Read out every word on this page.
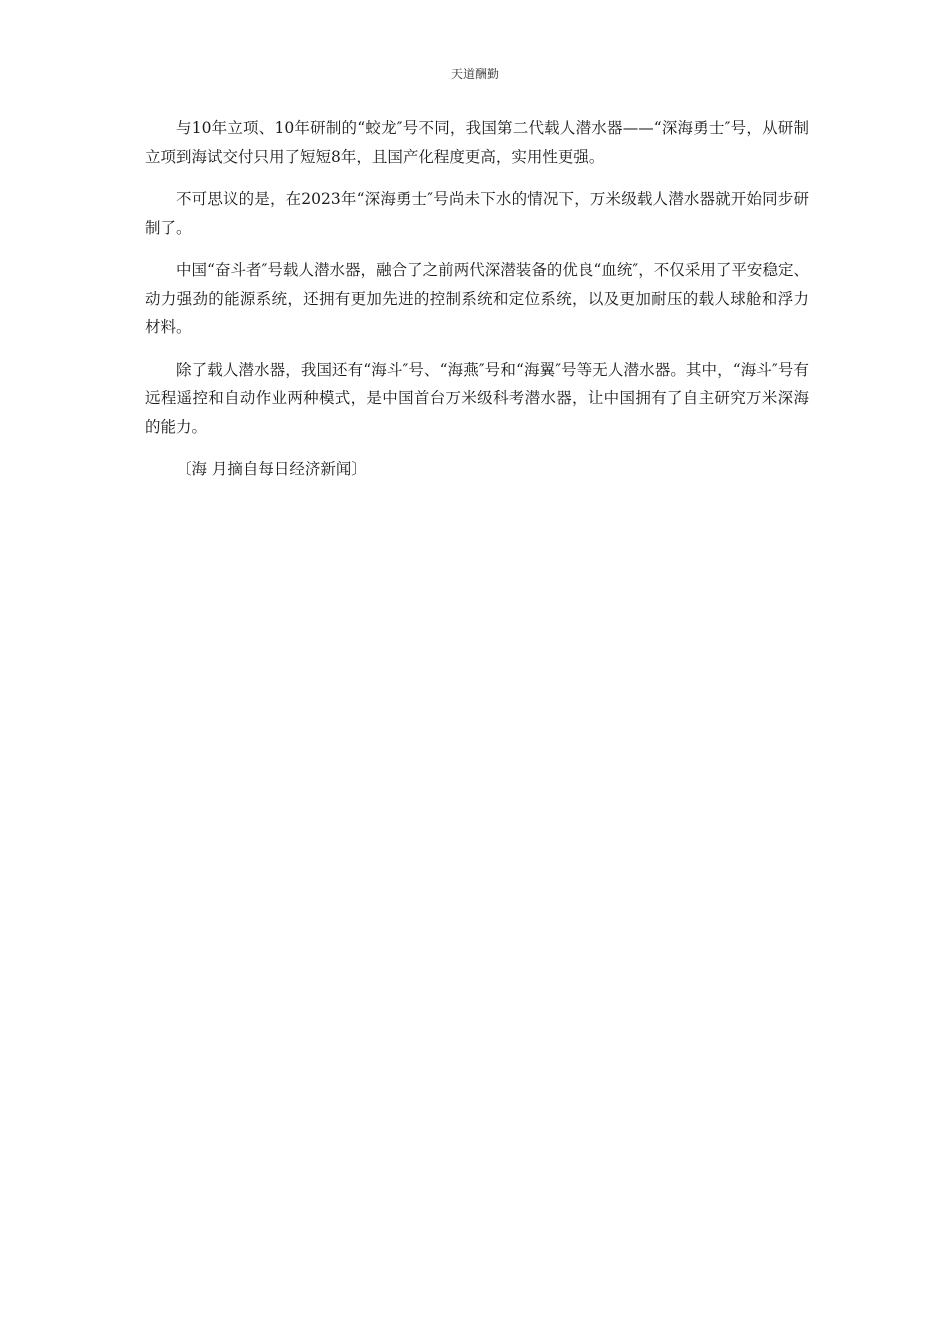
天道酬勤

与10年立项、10年研制的“蛟龙″号不同，我国第二代载人潜水器——“深海勇士″号，从研制立项到海试交付只用了短短8年，且国产化程度更高，实用性更强。

不可思议的是，在2023年“深海勇士″号尚未下水的情况下，万米级载人潜水器就开始同步研制了。

中国“奋斗者″号载人潜水器，融合了之前两代深潜装备的优良“血统″，不仅采用了平安稳定、动力强劲的能源系统，还拥有更加先进的控制系统和定位系统，以及更加耐压的载人球舱和浮力材料。

除了载人潜水器，我国还有“海斗″号、“海燕″号和“海翼″号等无人潜水器。其中，“海斗″号有远程遥控和自动作业两种模式，是中国首台万米级科考潜水器，让中国拥有了自主研究万米深海的能力。

〔海 月摘自每日经济新闻〕
